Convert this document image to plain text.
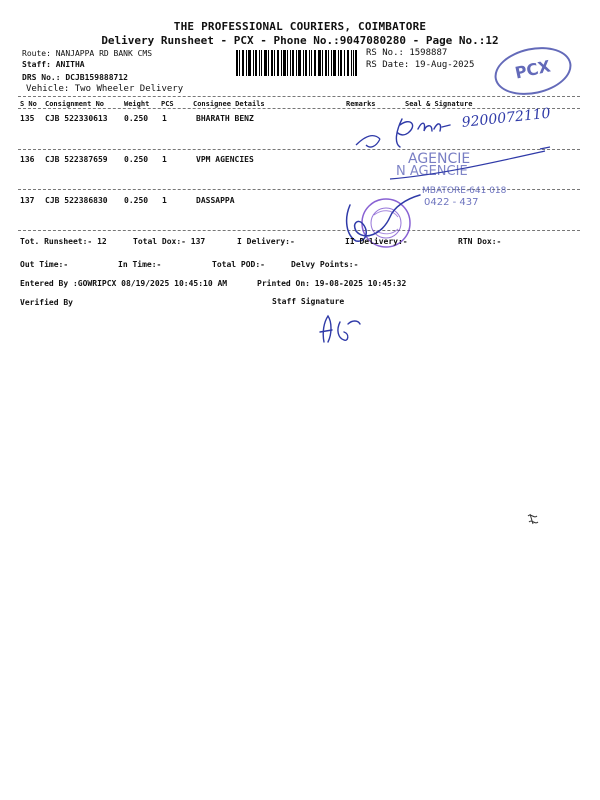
THE PROFESSIONAL COURIERS, COIMBATORE
Delivery Runsheet - PCX - Phone No.:9047080280 - Page No.:12
Route: NANJAPPA RD BANK CMS
Staff: ANITHA
DRS No.: DCJB159888712
Vehicle: Two Wheeler Delivery
RS No.: 1598887
RS Date: 19-Aug-2025	PCX
S No Consignment No	Weight PCS	Consignee Details	Remarks	Seal & Signature
135 CJB 522330613 0.250 1	BHARATH BENZ
136 CJB 522387659 0.250 1	VPM AGENCIES
137 CJB 522386830 0.250 1	DASSAPPA
9200072110
AGENCIE
N AGENCIE
MBATORE-641 018
0422 - 437
Tot. Runsheet:- 12	Total Dox:- 137	I Delivery:-	II Delivery:-	RTN Dox:-
Out Time:-	In Time:-	Total POD:-	Delvy Points:-
Entered By :GOWRIPCX 08/19/2025 10:45:10 AM	Printed On: 19-08-2025 10:45:32
Verified By	Staff Signature
